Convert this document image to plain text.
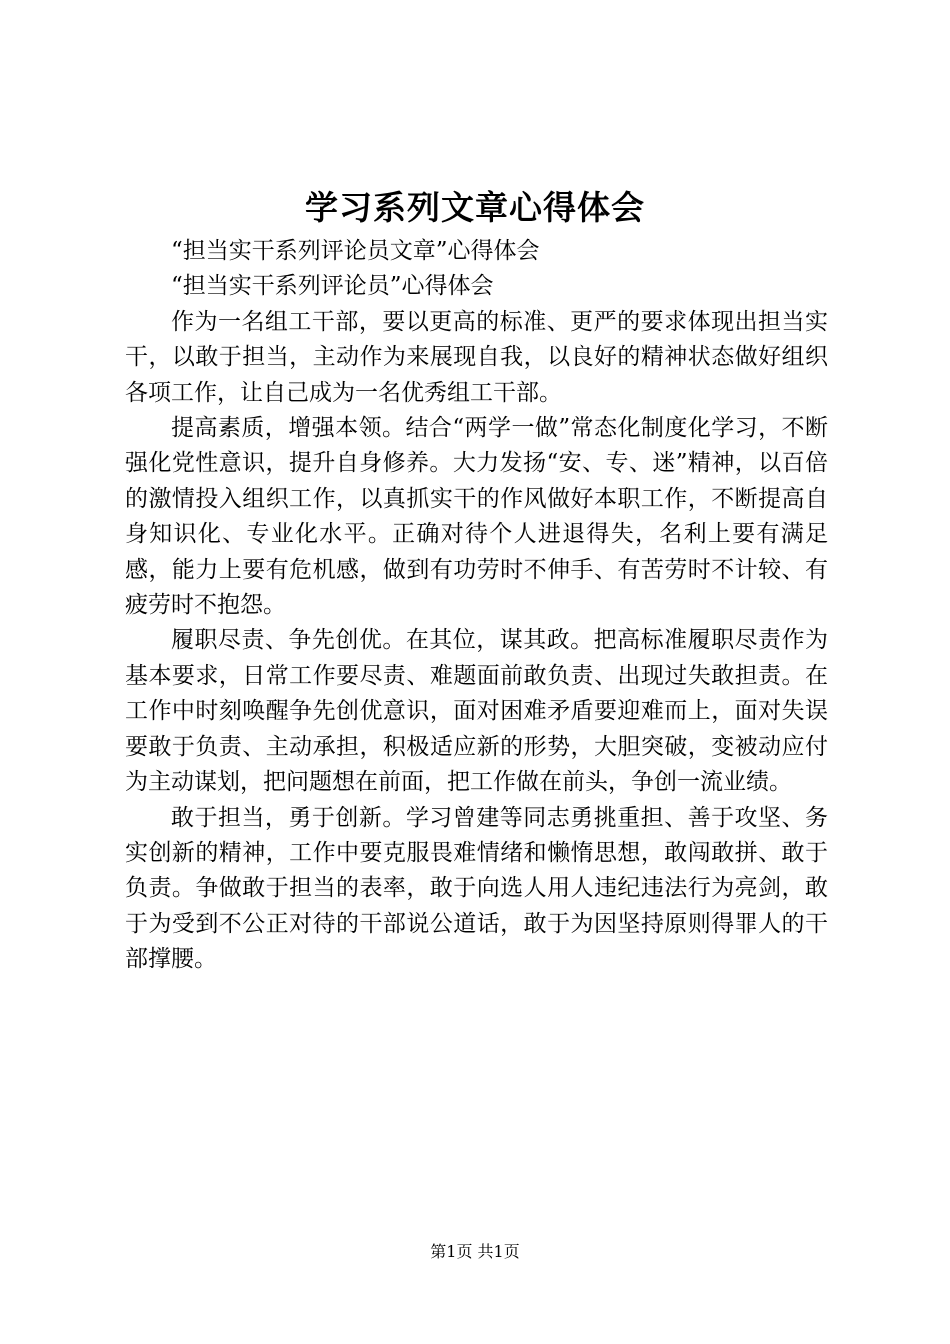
学习系列文章心得体会

“担当实干系列评论员文章”心得体会

“担当实干系列评论员”心得体会

作为一名组工干部，要以更高的标准、更严的要求体现出担当实干，以敢于担当，主动作为来展现自我，以良好的精神状态做好组织各项工作，让自己成为一名优秀组工干部。

提高素质，增强本领。结合“两学一做”常态化制度化学习，不断强化党性意识，提升自身修养。大力发扬“安、专、迷”精神，以百倍的激情投入组织工作，以真抓实干的作风做好本职工作，不断提高自身知识化、专业化水平。正确对待个人进退得失，名利上要有满足感，能力上要有危机感，做到有功劳时不伸手、有苦劳时不计较、有疲劳时不抱怨。

履职尽责、争先创优。在其位，谋其政。把高标准履职尽责作为基本要求，日常工作要尽责、难题面前敢负责、出现过失敢担责。在工作中时刻唤醒争先创优意识，面对困难矛盾要迎难而上，面对失误要敢于负责、主动承担，积极适应新的形势，大胆突破，变被动应付为主动谋划，把问题想在前面，把工作做在前头，争创一流业绩。

敢于担当，勇于创新。学习曾建等同志勇挑重担、善于攻坚、务实创新的精神，工作中要克服畏难情绪和懒惰思想，敢闯敢拼、敢于负责。争做敢于担当的表率，敢于向选人用人违纪违法行为亮剑，敢于为受到不公正对待的干部说公道话，敢于为因坚持原则得罪人的干部撑腰。

第1页 共1页
